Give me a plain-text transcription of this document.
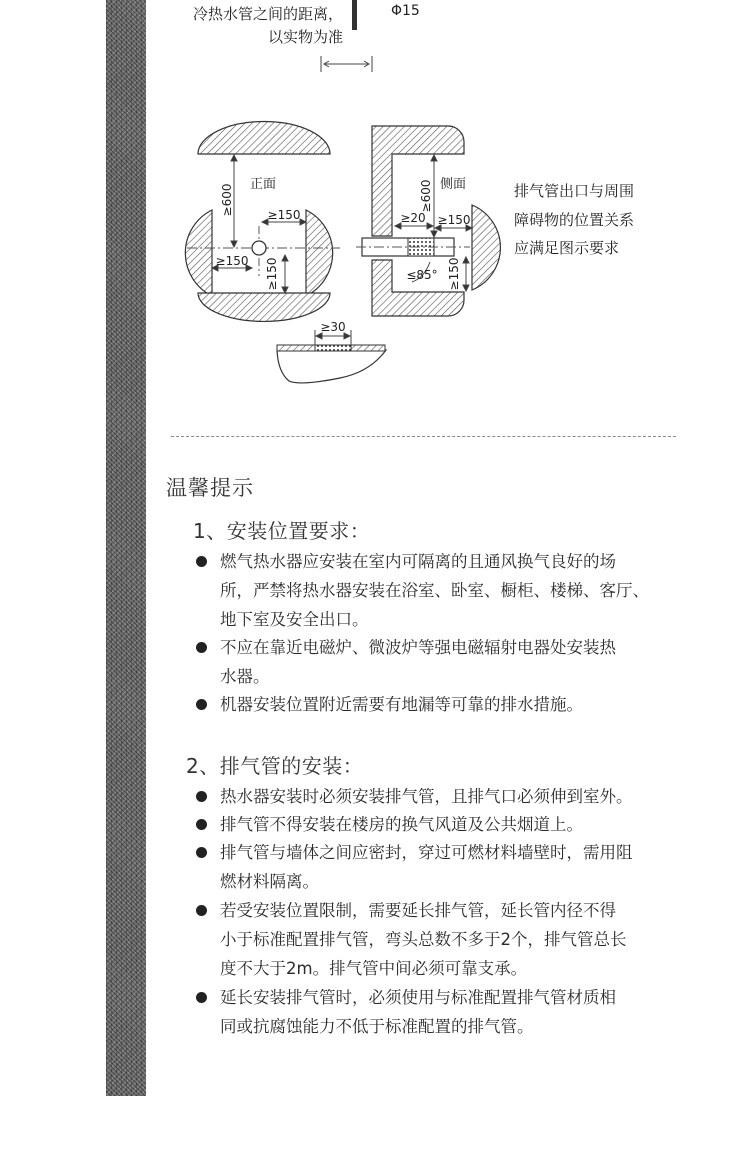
冷热水管之间的距离，
以实物为准
Φ15
正面
≥600	≥150
≥150 ≥150
侧面
≥600
≥20 ≥150
≤85° ≥150
≥30
排气管出口与周围
障碍物的位置关系
应满足图示要求
温馨提示
1、安装位置要求：
燃气热水器应安装在室内可隔离的且通风换气良好的场
所，严禁将热水器安装在浴室、卧室、橱柜、楼梯、客厅、
地下室及安全出口。
不应在靠近电磁炉、微波炉等强电磁辐射电器处安装热
水器。
机器安装位置附近需要有地漏等可靠的排水措施。
2、排气管的安装：
热水器安装时必须安装排气管，且排气口必须伸到室外。
排气管不得安装在楼房的换气风道及公共烟道上。
排气管与墙体之间应密封，穿过可燃材料墙壁时，需用阻
燃材料隔离。
若受安装位置限制，需要延长排气管，延长管内径不得
小于标准配置排气管，弯头总数不多于2个，排气管总长
度不大于2m。排气管中间必须可靠支承。
延长安装排气管时，必须使用与标准配置排气管材质相
同或抗腐蚀能力不低于标准配置的排气管。
